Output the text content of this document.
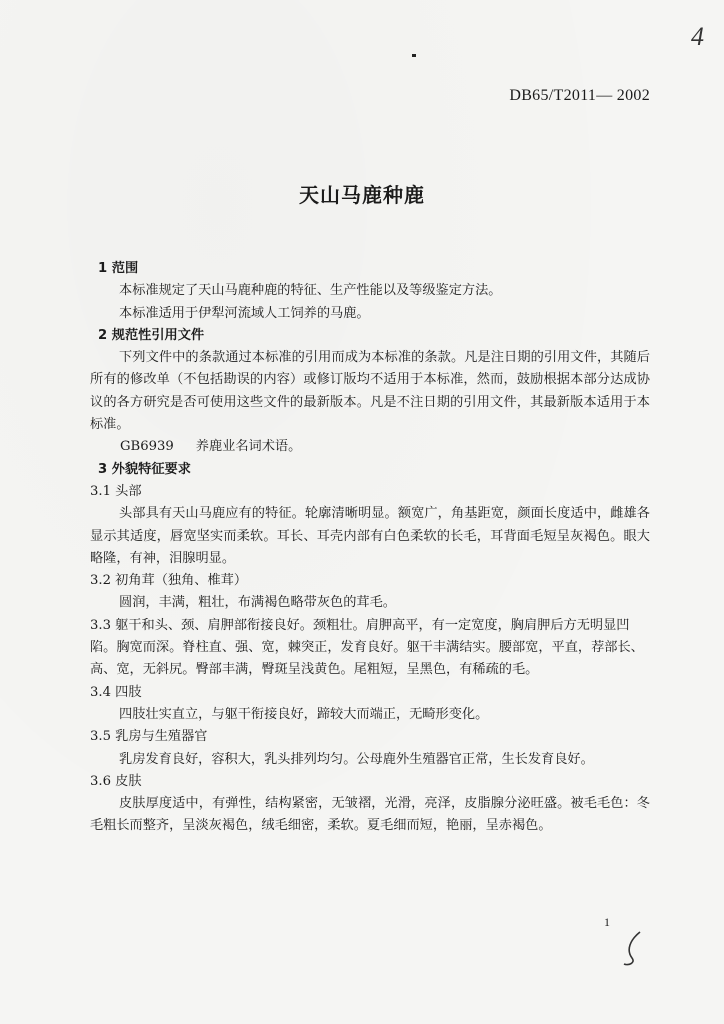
4
DB65/T2011— 2002
天山马鹿种鹿

1 范围

本标准规定了天山马鹿种鹿的特征、生产性能以及等级鉴定方法。

本标准适用于伊犁河流域人工饲养的马鹿。

2 规范性引用文件

下列文件中的条款通过本标准的引用而成为本标准的条款。凡是注日期的引用文件，其随后所有的修改单（不包括勘误的内容）或修订版均不适用于本标准，然而，鼓励根据本部分达成协议的各方研究是否可使用这些文件的最新版本。凡是不注日期的引用文件，其最新版本适用于本标准。

GB6939 养鹿业名词术语。

3 外貌特征要求

3.1 头部

头部具有天山马鹿应有的特征。轮廓清晰明显。额宽广，角基距宽，颜面长度适中，雌雄各显示其适度，唇宽坚实而柔软。耳长、耳壳内部有白色柔软的长毛，耳背面毛短呈灰褐色。眼大略隆，有神，泪腺明显。

3.2 初角茸（独角、椎茸）

圆润，丰满，粗壮，布满褐色略带灰色的茸毛。

3.3 躯干和头、颈、肩胛部衔接良好。颈粗壮。肩胛高平，有一定宽度，胸肩胛后方无明显凹陷。胸宽而深。脊柱直、强、宽，棘突正，发育良好。躯干丰满结实。腰部宽，平直，荐部长、高、宽，无斜尻。臀部丰满，臀斑呈浅黄色。尾粗短，呈黑色，有稀疏的毛。

3.4 四肢

四肢壮实直立，与躯干衔接良好，蹄较大而端正，无畸形变化。

3.5 乳房与生殖器官

乳房发育良好，容积大，乳头排列均匀。公母鹿外生殖器官正常，生长发育良好。

3.6 皮肤

皮肤厚度适中，有弹性，结构紧密，无皱褶，光滑，亮泽，皮脂腺分泌旺盛。被毛毛色：冬毛粗长而整齐，呈淡灰褐色，绒毛细密，柔软。夏毛细而短，艳丽，呈赤褐色。

1
